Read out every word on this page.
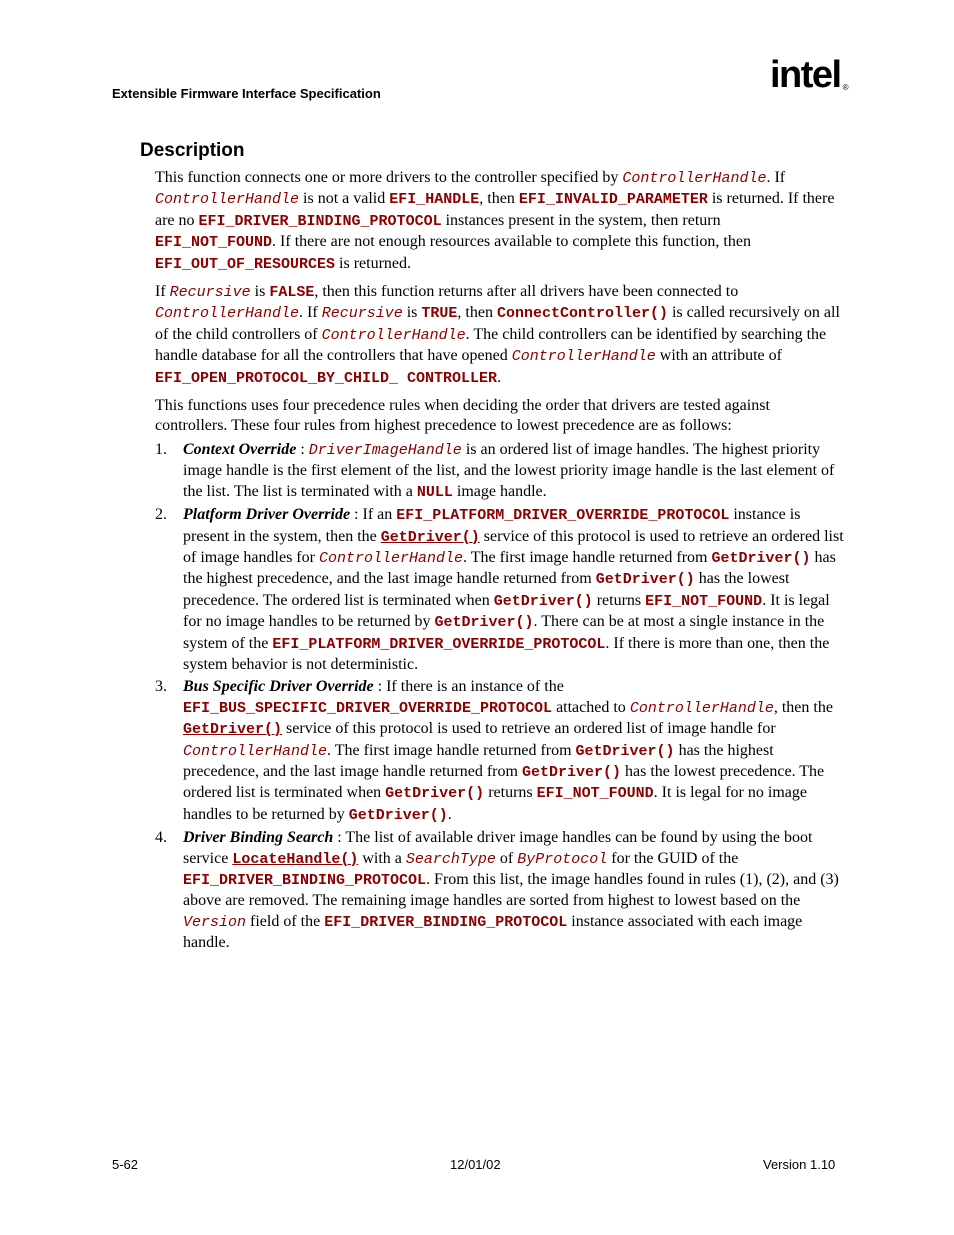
Extensible Firmware Interface Specification	intel ®
Description

This function connects one or more drivers to the controller specified by ControllerHandle. If ControllerHandle is not a valid EFI_HANDLE, then EFI_INVALID_PARAMETER is returned. If there are no EFI_DRIVER_BINDING_PROTOCOL instances present in the system, then return EFI_NOT_FOUND. If there are not enough resources available to complete this function, then EFI_OUT_OF_RESOURCES is returned.

If Recursive is FALSE, then this function returns after all drivers have been connected to ControllerHandle. If Recursive is TRUE, then ConnectController() is called recursively on all of the child controllers of ControllerHandle. The child controllers can be identified by searching the handle database for all the controllers that have opened ControllerHandle with an attribute of EFI_OPEN_PROTOCOL_BY_CHILD_ CONTROLLER.

This functions uses four precedence rules when deciding the order that drivers are tested against controllers. These four rules from highest precedence to lowest precedence are as follows:

1. Context Override : DriverImageHandle is an ordered list of image handles. The highest priority image handle is the first element of the list, and the lowest priority image handle is the last element of the list. The list is terminated with a NULL image handle.
2. Platform Driver Override : If an EFI_PLATFORM_DRIVER_OVERRIDE_PROTOCOL instance is present in the system, then the GetDriver() service of this protocol is used to retrieve an ordered list of image handles for ControllerHandle. The first image handle returned from GetDriver() has the highest precedence, and the last image handle returned from GetDriver() has the lowest precedence. The ordered list is terminated when GetDriver() returns EFI_NOT_FOUND. It is legal for no image handles to be returned by GetDriver(). There can be at most a single instance in the system of the EFI_PLATFORM_DRIVER_OVERRIDE_PROTOCOL. If there is more than one, then the system behavior is not deterministic.
3. Bus Specific Driver Override : If there is an instance of the EFI_BUS_SPECIFIC_DRIVER_OVERRIDE_PROTOCOL attached to ControllerHandle, then the GetDriver() service of this protocol is used to retrieve an ordered list of image handle for ControllerHandle. The first image handle returned from GetDriver() has the highest precedence, and the last image handle returned from GetDriver() has the lowest precedence. The ordered list is terminated when GetDriver() returns EFI_NOT_FOUND. It is legal for no image handles to be returned by GetDriver().
4. Driver Binding Search : The list of available driver image handles can be found by using the boot service LocateHandle() with a SearchType of ByProtocol for the GUID of the EFI_DRIVER_BINDING_PROTOCOL. From this list, the image handles found in rules (1), (2), and (3) above are removed. The remaining image handles are sorted from highest to lowest based on the Version field of the EFI_DRIVER_BINDING_PROTOCOL instance associated with each image handle.
5-62	12/01/02	Version 1.10
